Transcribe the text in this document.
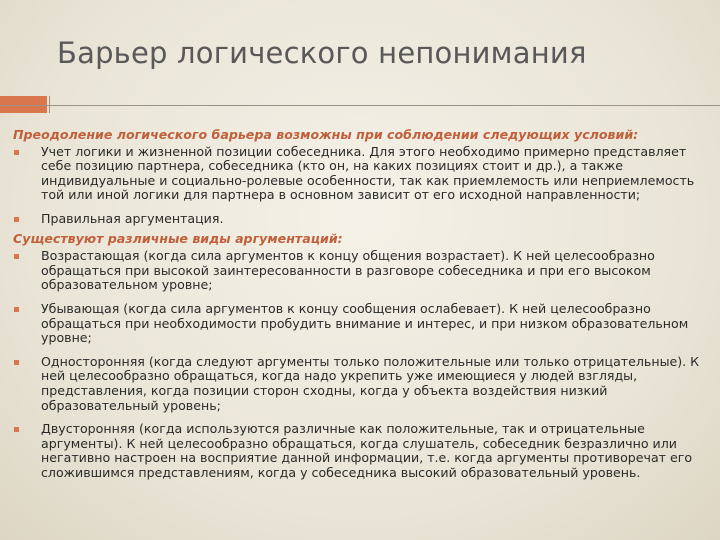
Барьер логического непонимания
Преодоление логического барьера возможны при соблюдении следующих условий:
Учет логики и жизненной позиции собеседника. Для этого необходимо примерно представляет себе позицию партнера, собеседника (кто он, на каких позициях стоит и др.), а также индивидуальные и социально-ролевые особенности, так как приемлемость или неприемлемость той или иной логики для партнера в основном зависит от его исходной направленности;
Правильная аргументация.
Существуют различные виды аргументаций:
Возрастающая (когда сила аргументов к концу общения возрастает). К ней целесообразно обращаться при высокой заинтересованности в разговоре собеседника и при его высоком образовательном уровне;
Убывающая (когда сила аргументов к концу сообщения ослабевает). К ней целесообразно обращаться при необходимости пробудить внимание и интерес, и при низком образовательном уровне;
Односторонняя (когда следуют аргументы только положительные или только отрицательные). К ней целесообразно обращаться, когда надо укрепить уже имеющиеся у людей взгляды, представления, когда позиции сторон сходны, когда у объекта воздействия низкий образовательный уровень;
Двусторонняя (когда используются различные как положительные, так и отрицательные аргументы). К ней целесообразно обращаться, когда слушатель, собеседник безразлично или негативно настроен на восприятие данной информации, т.е. когда аргументы противоречат его сложившимся представлениям, когда у собеседника высокий образовательный уровень.
